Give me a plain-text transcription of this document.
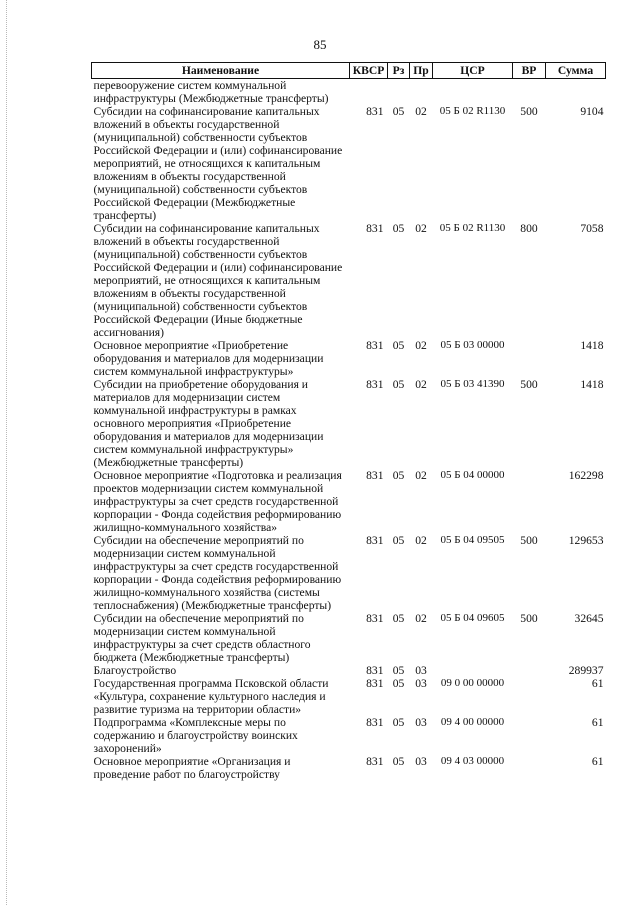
85
Наименование	КВСР	Рз	Пр	ЦСР	ВР	Сумма
перевооружение систем коммунальной инфраструктуры (Межбюджетные трансферты)						
Субсидии на софинансирование капитальных вложений в объекты государственной (муниципальной) собственности субъектов Российской Федерации и (или) софинансирование мероприятий, не относящихся к капитальным вложениям в объекты государственной (муниципальной) собственности субъектов Российской Федерации (Межбюджетные трансферты)	831	05	02	05 Б 02 R1130	500	9104
Субсидии на софинансирование капитальных вложений в объекты государственной (муниципальной) собственности субъектов Российской Федерации и (или) софинансирование мероприятий, не относящихся к капитальным вложениям в объекты государственной (муниципальной) собственности субъектов Российской Федерации (Иные бюджетные ассигнования)	831	05	02	05 Б 02 R1130	800	7058
Основное мероприятие «Приобретение оборудования и материалов для модернизации систем коммунальной инфраструктуры»	831	05	02	05 Б 03 00000		1418
Субсидии на приобретение оборудования и материалов для модернизации систем коммунальной инфраструктуры в рамках основного мероприятия «Приобретение оборудования и материалов для модернизации систем коммунальной инфраструктуры» (Межбюджетные трансферты)	831	05	02	05 Б 03 41390	500	1418
Основное мероприятие «Подготовка и реализация проектов модернизации систем коммунальной инфраструктуры за счет средств государственной корпорации - Фонда содействия реформированию жилищно-коммунального хозяйства»	831	05	02	05 Б 04 00000		162298
Субсидии на обеспечение мероприятий по модернизации систем коммунальной инфраструктуры за счет средств государственной корпорации - Фонда содействия реформированию жилищно-коммунального хозяйства (системы теплоснабжения) (Межбюджетные трансферты)	831	05	02	05 Б 04 09505	500	129653
Субсидии на обеспечение мероприятий по модернизации систем коммунальной инфраструктуры за счет средств областного бюджета (Межбюджетные трансферты)	831	05	02	05 Б 04 09605	500	32645
Благоустройство	831	05	03			289937
Государственная программа Псковской области «Культура, сохранение культурного наследия и развитие туризма на территории области»	831	05	03	09 0 00 00000		61
Подпрограмма «Комплексные меры по содержанию и благоустройству воинских захоронений»	831	05	03	09 4 00 00000		61
Основное мероприятие «Организация и проведение работ по благоустройству	831	05	03	09 4 03 00000		61
